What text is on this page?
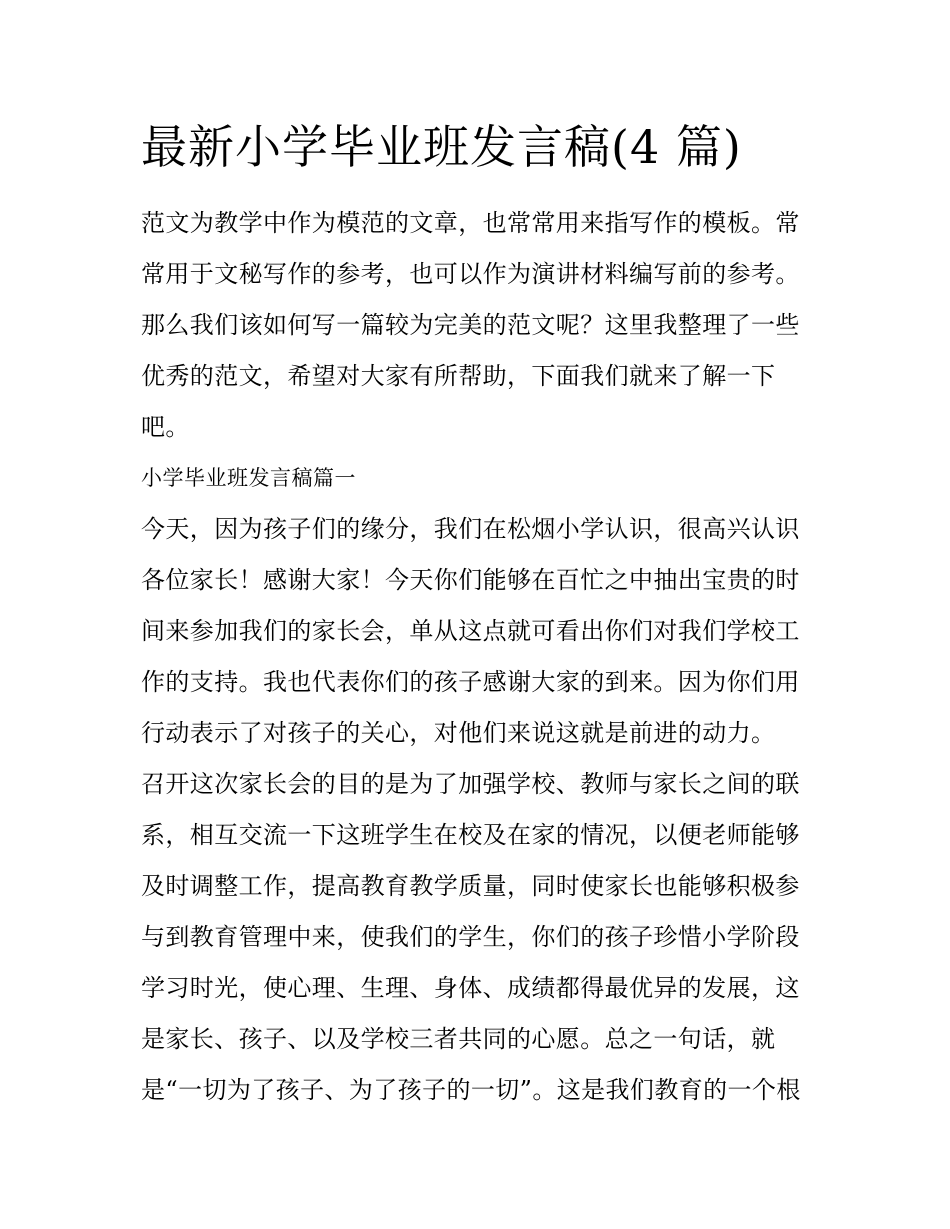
最新小学毕业班发言稿(4 篇)
范文为教学中作为模范的文章，也常常用来指写作的模板。常
常用于文秘写作的参考，也可以作为演讲材料编写前的参考。
那么我们该如何写一篇较为完美的范文呢？这里我整理了一些
优秀的范文，希望对大家有所帮助，下面我们就来了解一下
吧。
小学毕业班发言稿篇一
今天，因为孩子们的缘分，我们在松烟小学认识，很高兴认识
各位家长！感谢大家！今天你们能够在百忙之中抽出宝贵的时
间来参加我们的家长会，单从这点就可看出你们对我们学校工
作的支持。我也代表你们的孩子感谢大家的到来。因为你们用
行动表示了对孩子的关心，对他们来说这就是前进的动力。
召开这次家长会的目的是为了加强学校、教师与家长之间的联
系，相互交流一下这班学生在校及在家的情况，以便老师能够
及时调整工作，提高教育教学质量，同时使家长也能够积极参
与到教育管理中来，使我们的学生，你们的孩子珍惜小学阶段
学习时光，使心理、生理、身体、成绩都得最优异的发展，这
是家长、孩子、以及学校三者共同的心愿。总之一句话，就
是“一切为了孩子、为了孩子的一切”。这是我们教育的一个根
